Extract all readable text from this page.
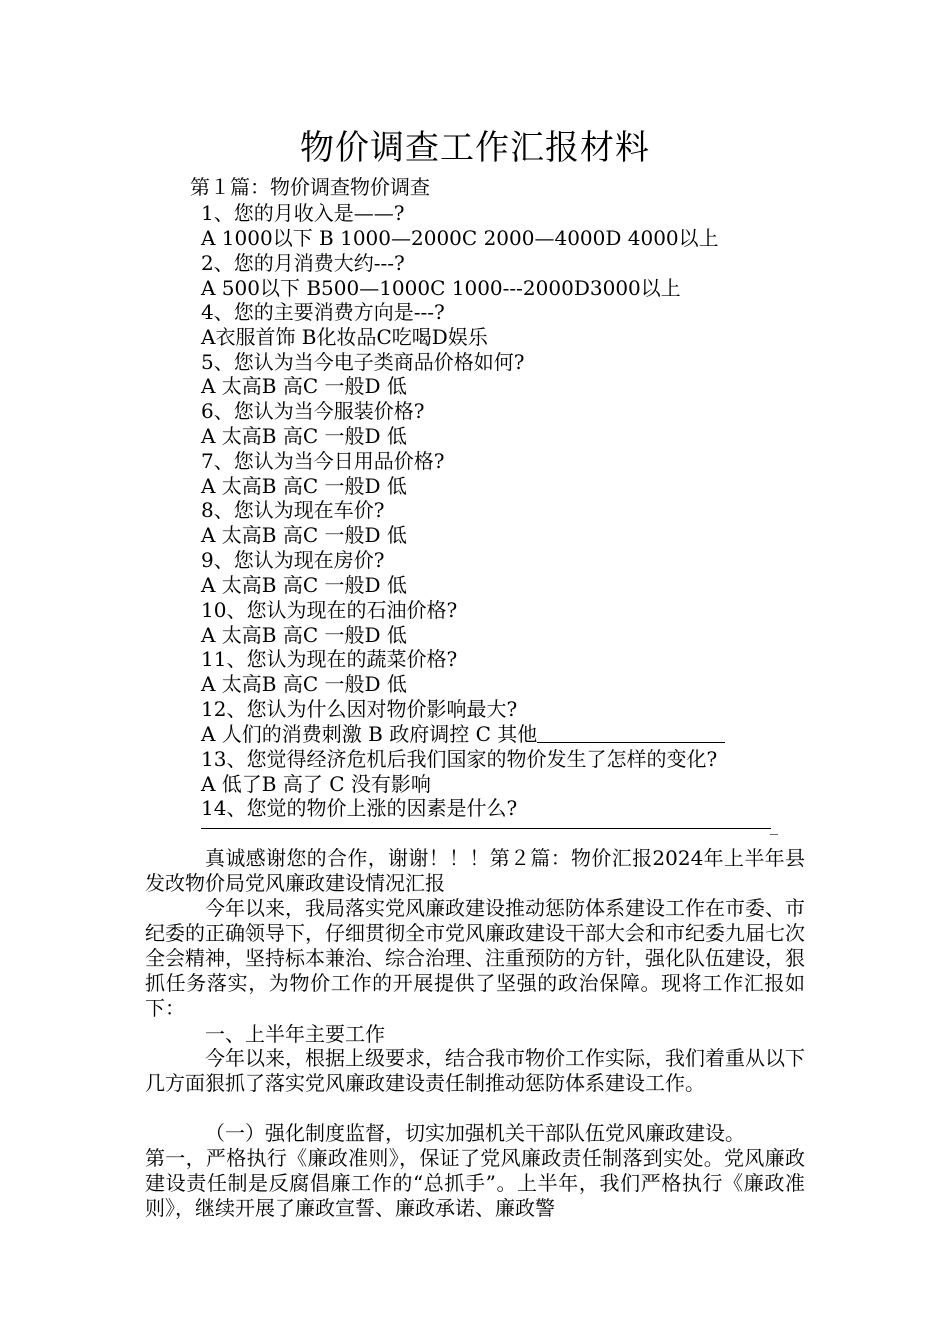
物价调查工作汇报材料
第１篇：物价调查物价调查
1、您的月收入是——?
A 1000以下 B 1000—2000C 2000—4000D 4000以上
2、您的月消费大约---?
A 500以下 B500—1000C 1000---2000D3000以上
4、您的主要消费方向是---?
A衣服首饰 B化妆品C吃喝D娱乐
5、您认为当今电子类商品价格如何?
A 太高B 高C 一般D 低
6、您认为当今服装价格?
A 太高B 高C 一般D 低
7、您认为当今日用品价格?
A 太高B 高C 一般D 低
8、您认为现在车价?
A 太高B 高C 一般D 低
9、您认为现在房价?
A 太高B 高C 一般D 低
10、您认为现在的石油价格?
A 太高B 高C 一般D 低
11、您认为现在的蔬菜价格?
A 太高B 高C 一般D 低
12、您认为什么因对物价影响最大?
A 人们的消费刺激 B 政府调控 C 其他
13、您觉得经济危机后我们国家的物价发生了怎样的变化?
A 低了B 高了 C 没有影响
14、您觉的物价上涨的因素是什么?
_
真诚感谢您的合作，谢谢！！！第２篇：物价汇报2024年上半年县发改物价局党风廉政建设情况汇报
今年以来，我局落实党风廉政建设推动惩防体系建设工作在市委、市纪委的正确领导下，仔细贯彻全市党风廉政建设干部大会和市纪委九届七次全会精神，坚持标本兼治、综合治理、注重预防的方针，强化队伍建设，狠抓任务落实，为物价工作的开展提供了坚强的政治保障。现将工作汇报如下：
一、上半年主要工作
今年以来，根据上级要求，结合我市物价工作实际，我们着重从以下几方面狠抓了落实党风廉政建设责任制推动惩防体系建设工作。
（一）强化制度监督，切实加强机关干部队伍党风廉政建设。
第一，严格执行《廉政准则》，保证了党风廉政责任制落到实处。党风廉政建设责任制是反腐倡廉工作的“总抓手”。上半年，我们严格执行《廉政准则》，继续开展了廉政宣誓、廉政承诺、廉政警
